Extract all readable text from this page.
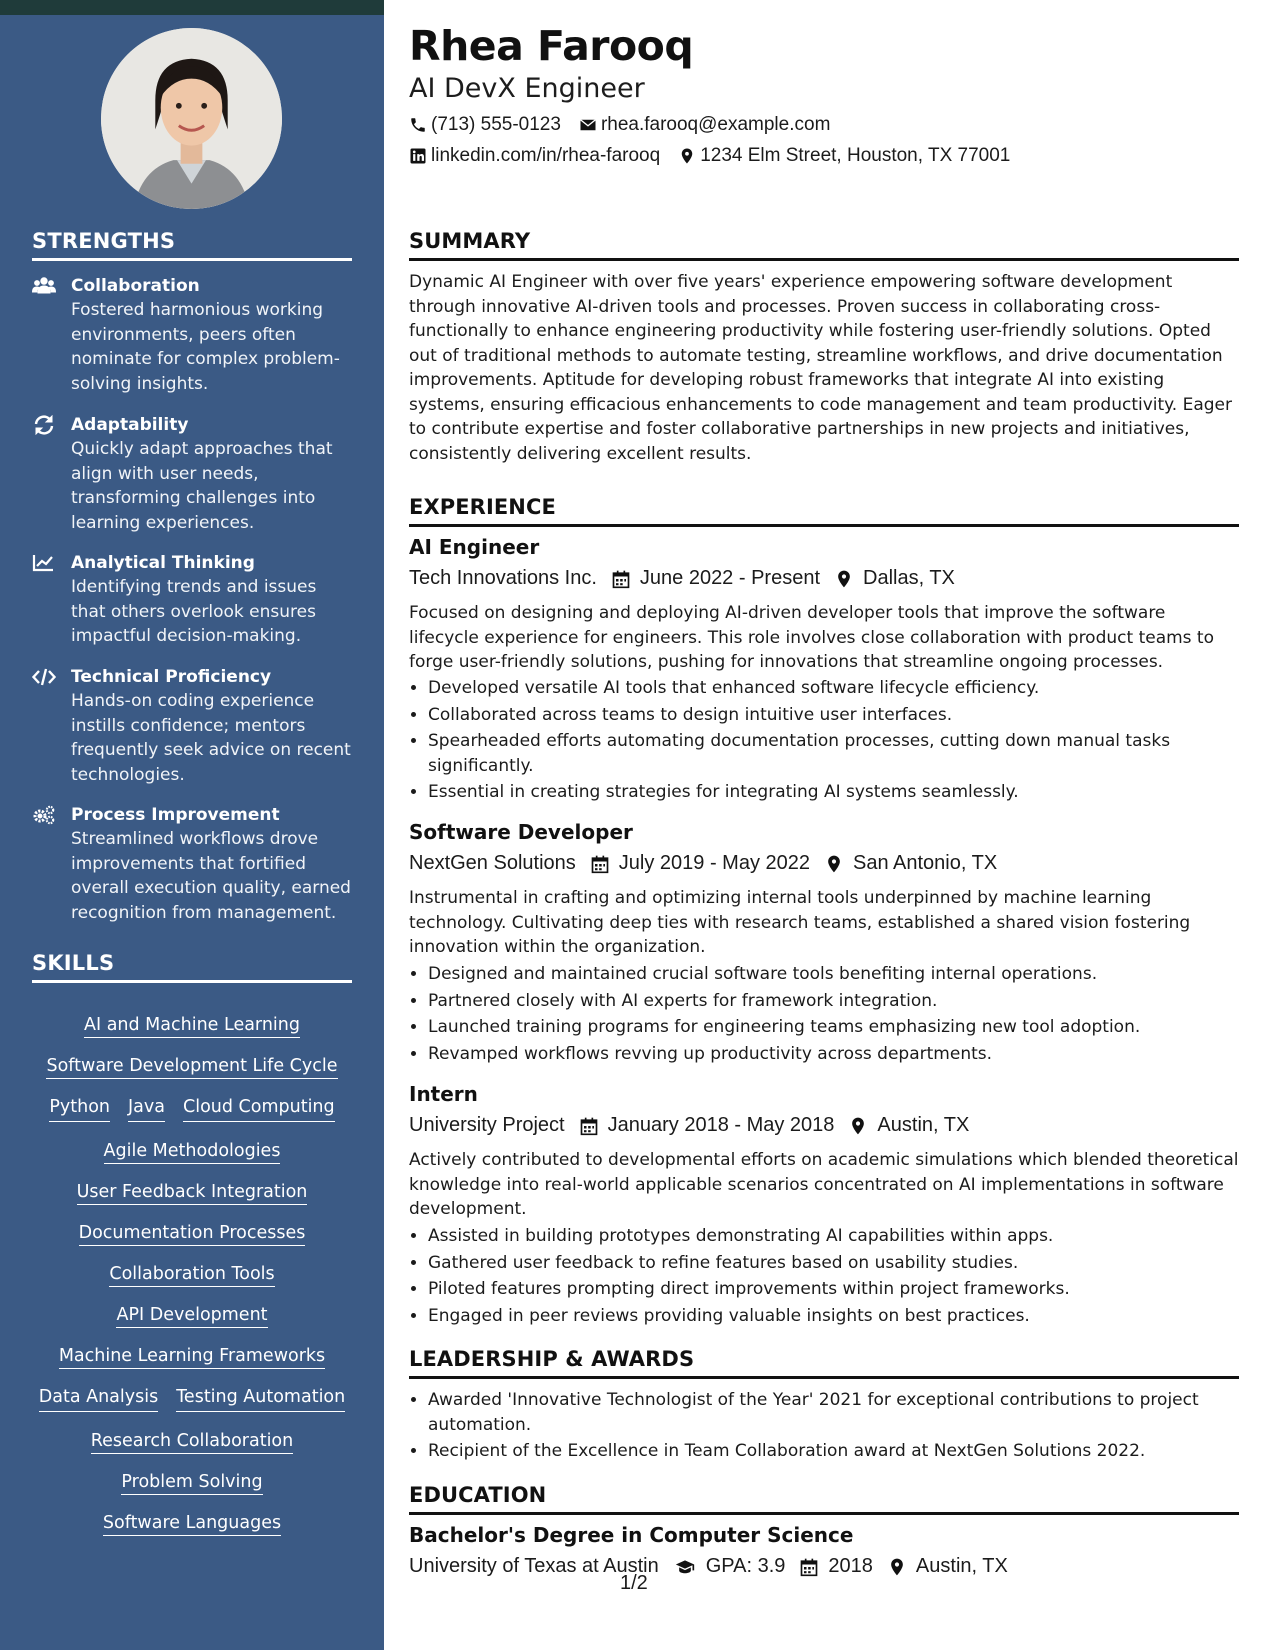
STRENGTHS
Collaboration
Fostered harmonious working environments, peers often nominate for complex problem-solving insights.
Adaptability
Quickly adapt approaches that align with user needs, transforming challenges into learning experiences.
Analytical Thinking
Identifying trends and issues that others overlook ensures impactful decision-making.
Technical Proficiency
Hands-on coding experience instills confidence; mentors frequently seek advice on recent technologies.
Process Improvement
Streamlined workflows drove improvements that fortified overall execution quality, earned recognition from management.
SKILLS
AI and Machine Learning
Software Development Life Cycle
Python Java Cloud Computing
Agile Methodologies
User Feedback Integration
Documentation Processes
Collaboration Tools
API Development
Machine Learning Frameworks
Data Analysis Testing Automation
Research Collaboration
Problem Solving
Software Languages
Rhea Farooq
AI DevX Engineer
(713) 555-0123 rhea.farooq@example.com
linkedin.com/in/rhea-farooq 1234 Elm Street, Houston, TX 77001
SUMMARY
Dynamic AI Engineer with over five years' experience empowering software development through innovative AI-driven tools and processes. Proven success in collaborating cross-functionally to enhance engineering productivity while fostering user-friendly solutions. Opted out of traditional methods to automate testing, streamline workflows, and drive documentation improvements. Aptitude for developing robust frameworks that integrate AI into existing systems, ensuring efficacious enhancements to code management and team productivity. Eager to contribute expertise and foster collaborative partnerships in new projects and initiatives, consistently delivering excellent results.
EXPERIENCE
AI Engineer
Tech Innovations Inc. June 2022 - Present Dallas, TX
Focused on designing and deploying AI-driven developer tools that improve the software lifecycle experience for engineers. This role involves close collaboration with product teams to forge user-friendly solutions, pushing for innovations that streamline ongoing processes.
• Developed versatile AI tools that enhanced software lifecycle efficiency.
• Collaborated across teams to design intuitive user interfaces.
• Spearheaded efforts automating documentation processes, cutting down manual tasks significantly.
• Essential in creating strategies for integrating AI systems seamlessly.
Software Developer
NextGen Solutions July 2019 - May 2022 San Antonio, TX
Instrumental in crafting and optimizing internal tools underpinned by machine learning technology. Cultivating deep ties with research teams, established a shared vision fostering innovation within the organization.
• Designed and maintained crucial software tools benefiting internal operations.
• Partnered closely with AI experts for framework integration.
• Launched training programs for engineering teams emphasizing new tool adoption.
• Revamped workflows revving up productivity across departments.
Intern
University Project January 2018 - May 2018 Austin, TX
Actively contributed to developmental efforts on academic simulations which blended theoretical knowledge into real-world applicable scenarios concentrated on AI implementations in software development.
• Assisted in building prototypes demonstrating AI capabilities within apps.
• Gathered user feedback to refine features based on usability studies.
• Piloted features prompting direct improvements within project frameworks.
• Engaged in peer reviews providing valuable insights on best practices.
LEADERSHIP & AWARDS
• Awarded 'Innovative Technologist of the Year' 2021 for exceptional contributions to project automation.
• Recipient of the Excellence in Team Collaboration award at NextGen Solutions 2022.
EDUCATION
Bachelor's Degree in Computer Science
University of Texas at Austin GPA: 3.9 2018 Austin, TX
1/2
